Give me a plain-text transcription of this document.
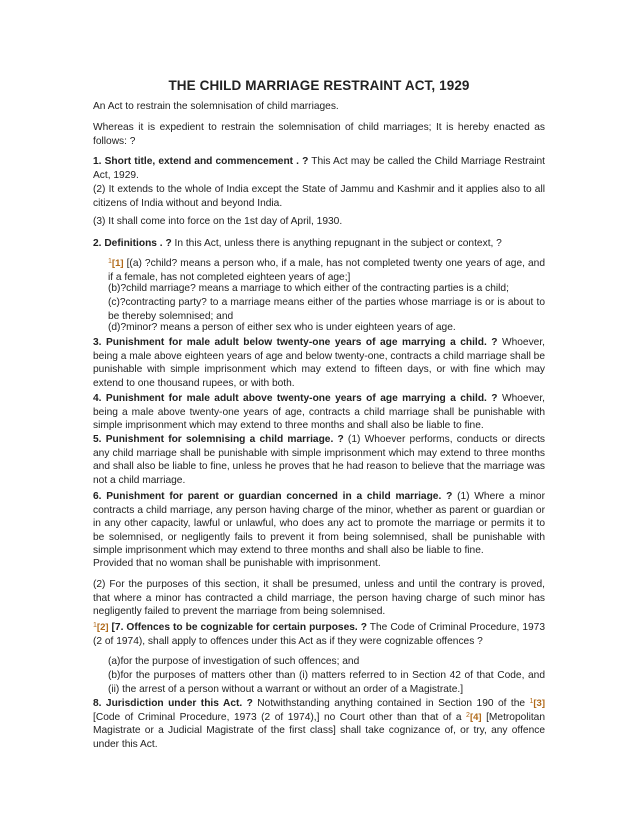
THE CHILD MARRIAGE RESTRAINT ACT, 1929
An Act to restrain the solemnisation of child marriages.
Whereas it is expedient to restrain the solemnisation of child marriages; It is hereby enacted as follows: ?
1. Short title, extend and commencement . ? This Act may be called the Child Marriage Restraint Act, 1929.
(2) It extends to the whole of India except the State of Jammu and Kashmir and it applies also to all citizens of India without and beyond India.
(3) It shall come into force on the 1st day of April, 1930.
2. Definitions . ? In this Act, unless there is anything repugnant in the subject or context, ?
$^1$[1] [(a) ?child? means a person who, if a male, has not completed twenty one years of age, and if a female, has not completed eighteen years of age;]
(b)?child marriage? means a marriage to which either of the contracting parties is a child;
(c)?contracting party? to a marriage means either of the parties whose marriage is or is about to be thereby solemnised; and
(d)?minor? means a person of either sex who is under eighteen years of age.
3. Punishment for male adult below twenty-one years of age marrying a child. ? Whoever, being a male above eighteen years of age and below twenty-one, contracts a child marriage shall be punishable with simple imprisonment which may extend to fifteen days, or with fine which may extend to one thousand rupees, or with both.
4. Punishment for male adult above twenty-one years of age marrying a child. ? Whoever, being a male above twenty-one years of age, contracts a child marriage shall be punishable with simple imprisonment which may extend to three months and shall also be liable to fine.
5. Punishment for solemnising a child marriage. ? (1) Whoever performs, conducts or directs any child marriage shall be punishable with simple imprisonment which may extend to three months and shall also be liable to fine, unless he proves that he had reason to believe that the marriage was not a child marriage.
6. Punishment for parent or guardian concerned in a child marriage. ? (1) Where a minor contracts a child marriage, any person having charge of the minor, whether as parent or guardian or in any other capacity, lawful or unlawful, who does any act to promote the marriage or permits it to be solemnised, or negligently fails to prevent it from being solemnised, shall be punishable with simple imprisonment which may extend to three months and shall also be liable to fine.
Provided that no woman shall be punishable with imprisonment.
(2) For the purposes of this section, it shall be presumed, unless and until the contrary is proved, that where a minor has contracted a child marriage, the person having charge of such minor has negligently failed to prevent the marriage from being solemnised.
$^1$[2] [7. Offences to be cognizable for certain purposes. ? The Code of Criminal Procedure, 1973 (2 of 1974), shall apply to offences under this Act as if they were cognizable offences ?
(a)for the purpose of investigation of such offences; and
(b)for the purposes of matters other than (i) matters referred to in Section 42 of that Code, and (ii) the arrest of a person without a warrant or without an order of a Magistrate.]
8. Jurisdiction under this Act. ? Notwithstanding anything contained in Section 190 of the $^1$[3] [Code of Criminal Procedure, 1973 (2 of 1974),] no Court other than that of a $^2$[4] [Metropolitan Magistrate or a Judicial Magistrate of the first class] shall take cognizance of, or try, any offence under this Act.
